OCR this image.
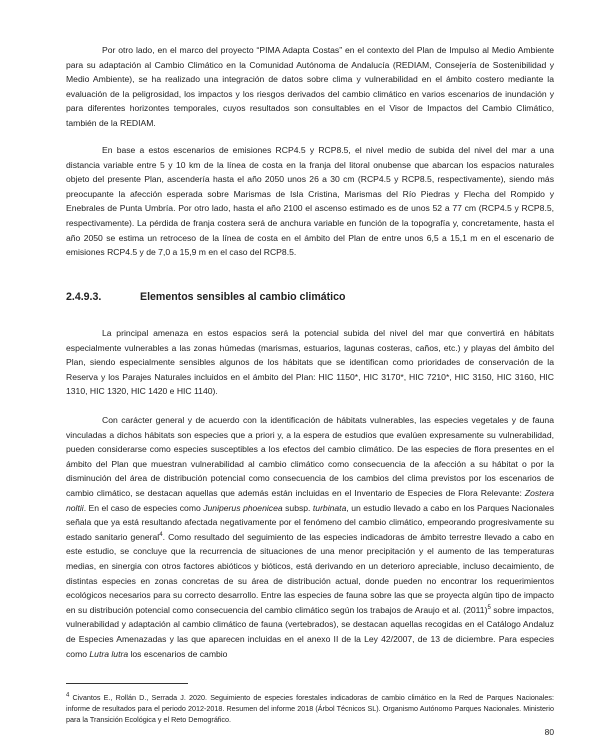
Por otro lado, en el marco del proyecto “PIMA Adapta Costas” en el contexto del Plan de Impulso al Medio Ambiente para su adaptación al Cambio Climático en la Comunidad Autónoma de Andalucía (REDIAM, Consejería de Sostenibilidad y Medio Ambiente), se ha realizado una integración de datos sobre clima y vulnerabilidad en el ámbito costero mediante la evaluación de la peligrosidad, los impactos y los riesgos derivados del cambio climático en varios escenarios de inundación y para diferentes horizontes temporales, cuyos resultados son consultables en el Visor de Impactos del Cambio Climático, también de la REDIAM.

En base a estos escenarios de emisiones RCP4.5 y RCP8.5, el nivel medio de subida del nivel del mar a una distancia variable entre 5 y 10 km de la línea de costa en la franja del litoral onubense que abarcan los espacios naturales objeto del presente Plan, ascendería hasta el año 2050 unos 26 a 30 cm (RCP4.5 y RCP8.5, respectivamente), siendo más preocupante la afección esperada sobre Marismas de Isla Cristina, Marismas del Río Piedras y Flecha del Rompido y Enebrales de Punta Umbría. Por otro lado, hasta el año 2100 el ascenso estimado es de unos 52 a 77 cm (RCP4.5 y RCP8.5, respectivamente). La pérdida de franja costera será de anchura variable en función de la topografía y, concretamente, hasta el año 2050 se estima un retroceso de la línea de costa en el ámbito del Plan de entre unos 6,5 a 15,1 m en el escenario de emisiones RCP4.5 y de 7,0 a 15,9 m en el caso del RCP8.5.

2.4.9.3.	Elementos sensibles al cambio climático

La principal amenaza en estos espacios será la potencial subida del nivel del mar que convertirá en hábitats especialmente vulnerables a las zonas húmedas (marismas, estuarios, lagunas costeras, caños, etc.) y playas del ámbito del Plan, siendo especialmente sensibles algunos de los hábitats que se identifican como prioridades de conservación de la Reserva y los Parajes Naturales incluidos en el ámbito del Plan: HIC 1150*, HIC 3170*, HIC 7210*, HIC 3150, HIC 3160, HIC 1310, HIC 1320, HIC 1420 e HIC 1140).

Con carácter general y de acuerdo con la identificación de hábitats vulnerables, las especies vegetales y de fauna vinculadas a dichos hábitats son especies que a priori y, a la espera de estudios que evalúen expresamente su vulnerabilidad, pueden considerarse como especies susceptibles a los efectos del cambio climático. De las especies de flora presentes en el ámbito del Plan que muestran vulnerabilidad al cambio climático como consecuencia de la afección a su hábitat o por la disminución del área de distribución potencial como consecuencia de los cambios del clima previstos por los escenarios de cambio climático, se destacan aquellas que además están incluidas en el Inventario de Especies de Flora Relevante: Zostera noltii. En el caso de especies como Juniperus phoenicea subsp. turbinata, un estudio llevado a cabo en los Parques Nacionales señala que ya está resultando afectada negativamente por el fenómeno del cambio climático, empeorando progresivamente su estado sanitario general$^4$. Como resultado del seguimiento de las especies indicadoras de ámbito terrestre llevado a cabo en este estudio, se concluye que la recurrencia de situaciones de una menor precipitación y el aumento de las temperaturas medias, en sinergia con otros factores abióticos y bióticos, está derivando en un deterioro apreciable, incluso decaimiento, de distintas especies en zonas concretas de su área de distribución actual, donde pueden no encontrar los requerimientos ecológicos necesarios para su correcto desarrollo. Entre las especies de fauna sobre las que se proyecta algún tipo de impacto en su distribución potencial como consecuencia del cambio climático según los trabajos de Araujo et al. $(2011)^5$ sobre impactos, vulnerabilidad y adaptación al cambio climático de fauna (vertebrados), se destacan aquellas recogidas en el Catálogo Andaluz de Especies Amenazadas y las que aparecen incluidas en el anexo II de la Ley 42/2007, de 13 de diciembre. Para especies como Lutra lutra los escenarios de cambio

$^4$ Civantos E., Rollán D., Serrada J. 2020. Seguimiento de especies forestales indicadoras de cambio climático en la Red de Parques Nacionales: informe de resultados para el periodo 2012-2018. Resumen del informe 2018 (Árbol Técnicos SL). Organismo Autónomo Parques Nacionales. Ministerio para la Transición Ecológica y el Reto Demográfico.

80
